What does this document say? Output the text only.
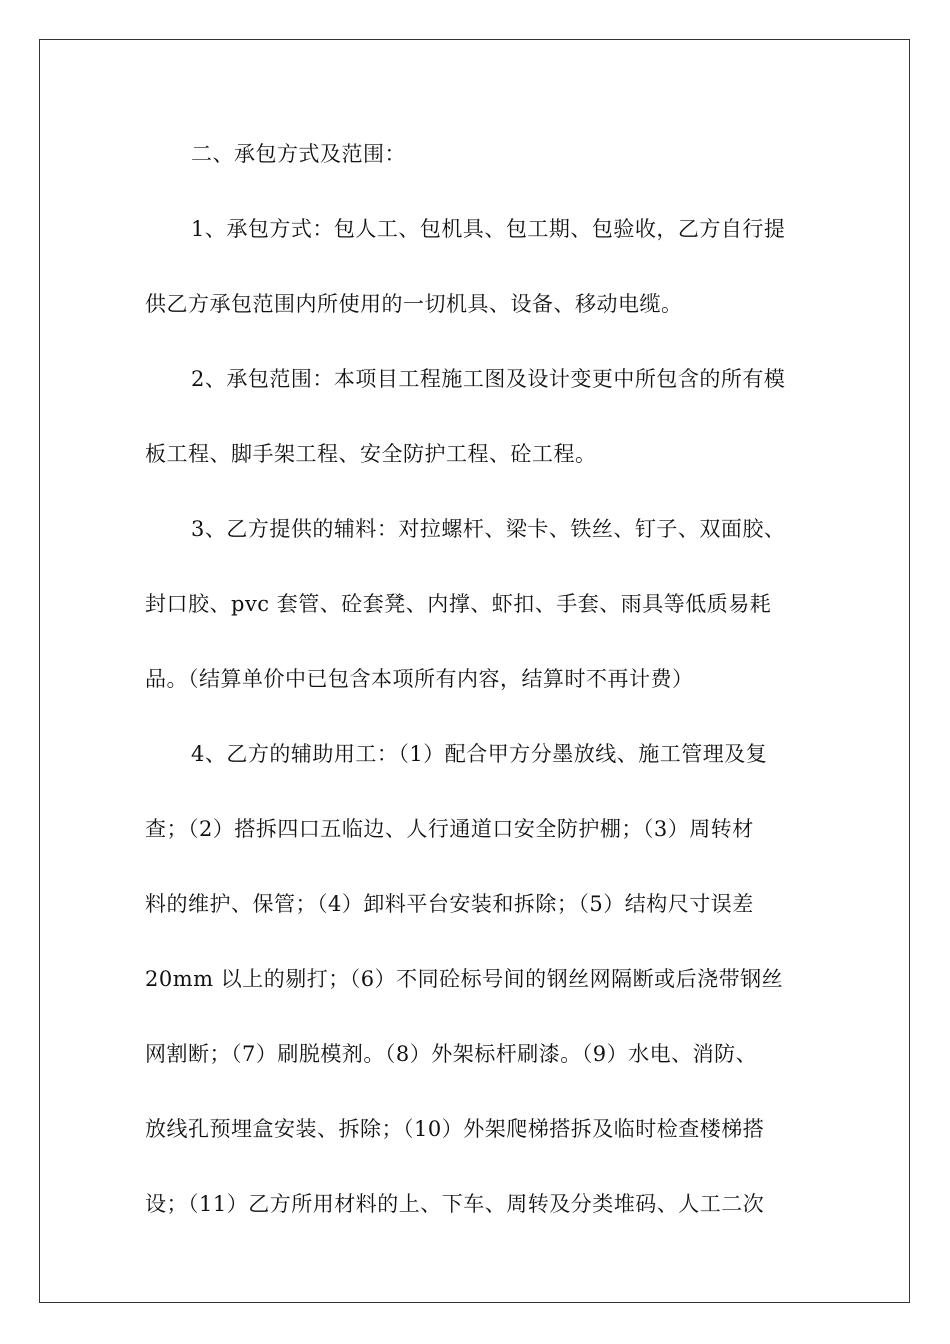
二、承包方式及范围：
1、承包方式：包人工、包机具、包工期、包验收，乙方自行提
供乙方承包范围内所使用的一切机具、设备、移动电缆。
2、承包范围：本项目工程施工图及设计变更中所包含的所有模
板工程、脚手架工程、安全防护工程、砼工程。
3、乙方提供的辅料：对拉螺杆、梁卡、铁丝、钉子、双面胶、
封口胶、pvc 套管、砼套凳、内撑、虾扣、手套、雨具等低质易耗
品。（结算单价中已包含本项所有内容，结算时不再计费）
4、乙方的辅助用工：（1）配合甲方分墨放线、施工管理及复
查；（2）搭拆四口五临边、人行通道口安全防护棚；（3）周转材
料的维护、保管；（4）卸料平台安装和拆除；（5）结构尺寸误差
20mm 以上的剔打；（6）不同砼标号间的钢丝网隔断或后浇带钢丝
网割断；（7）刷脱模剂。（8）外架标杆刷漆。（9）水电、消防、
放线孔预埋盒安装、拆除；（10）外架爬梯搭拆及临时检查楼梯搭
设；（11）乙方所用材料的上、下车、周转及分类堆码、人工二次
